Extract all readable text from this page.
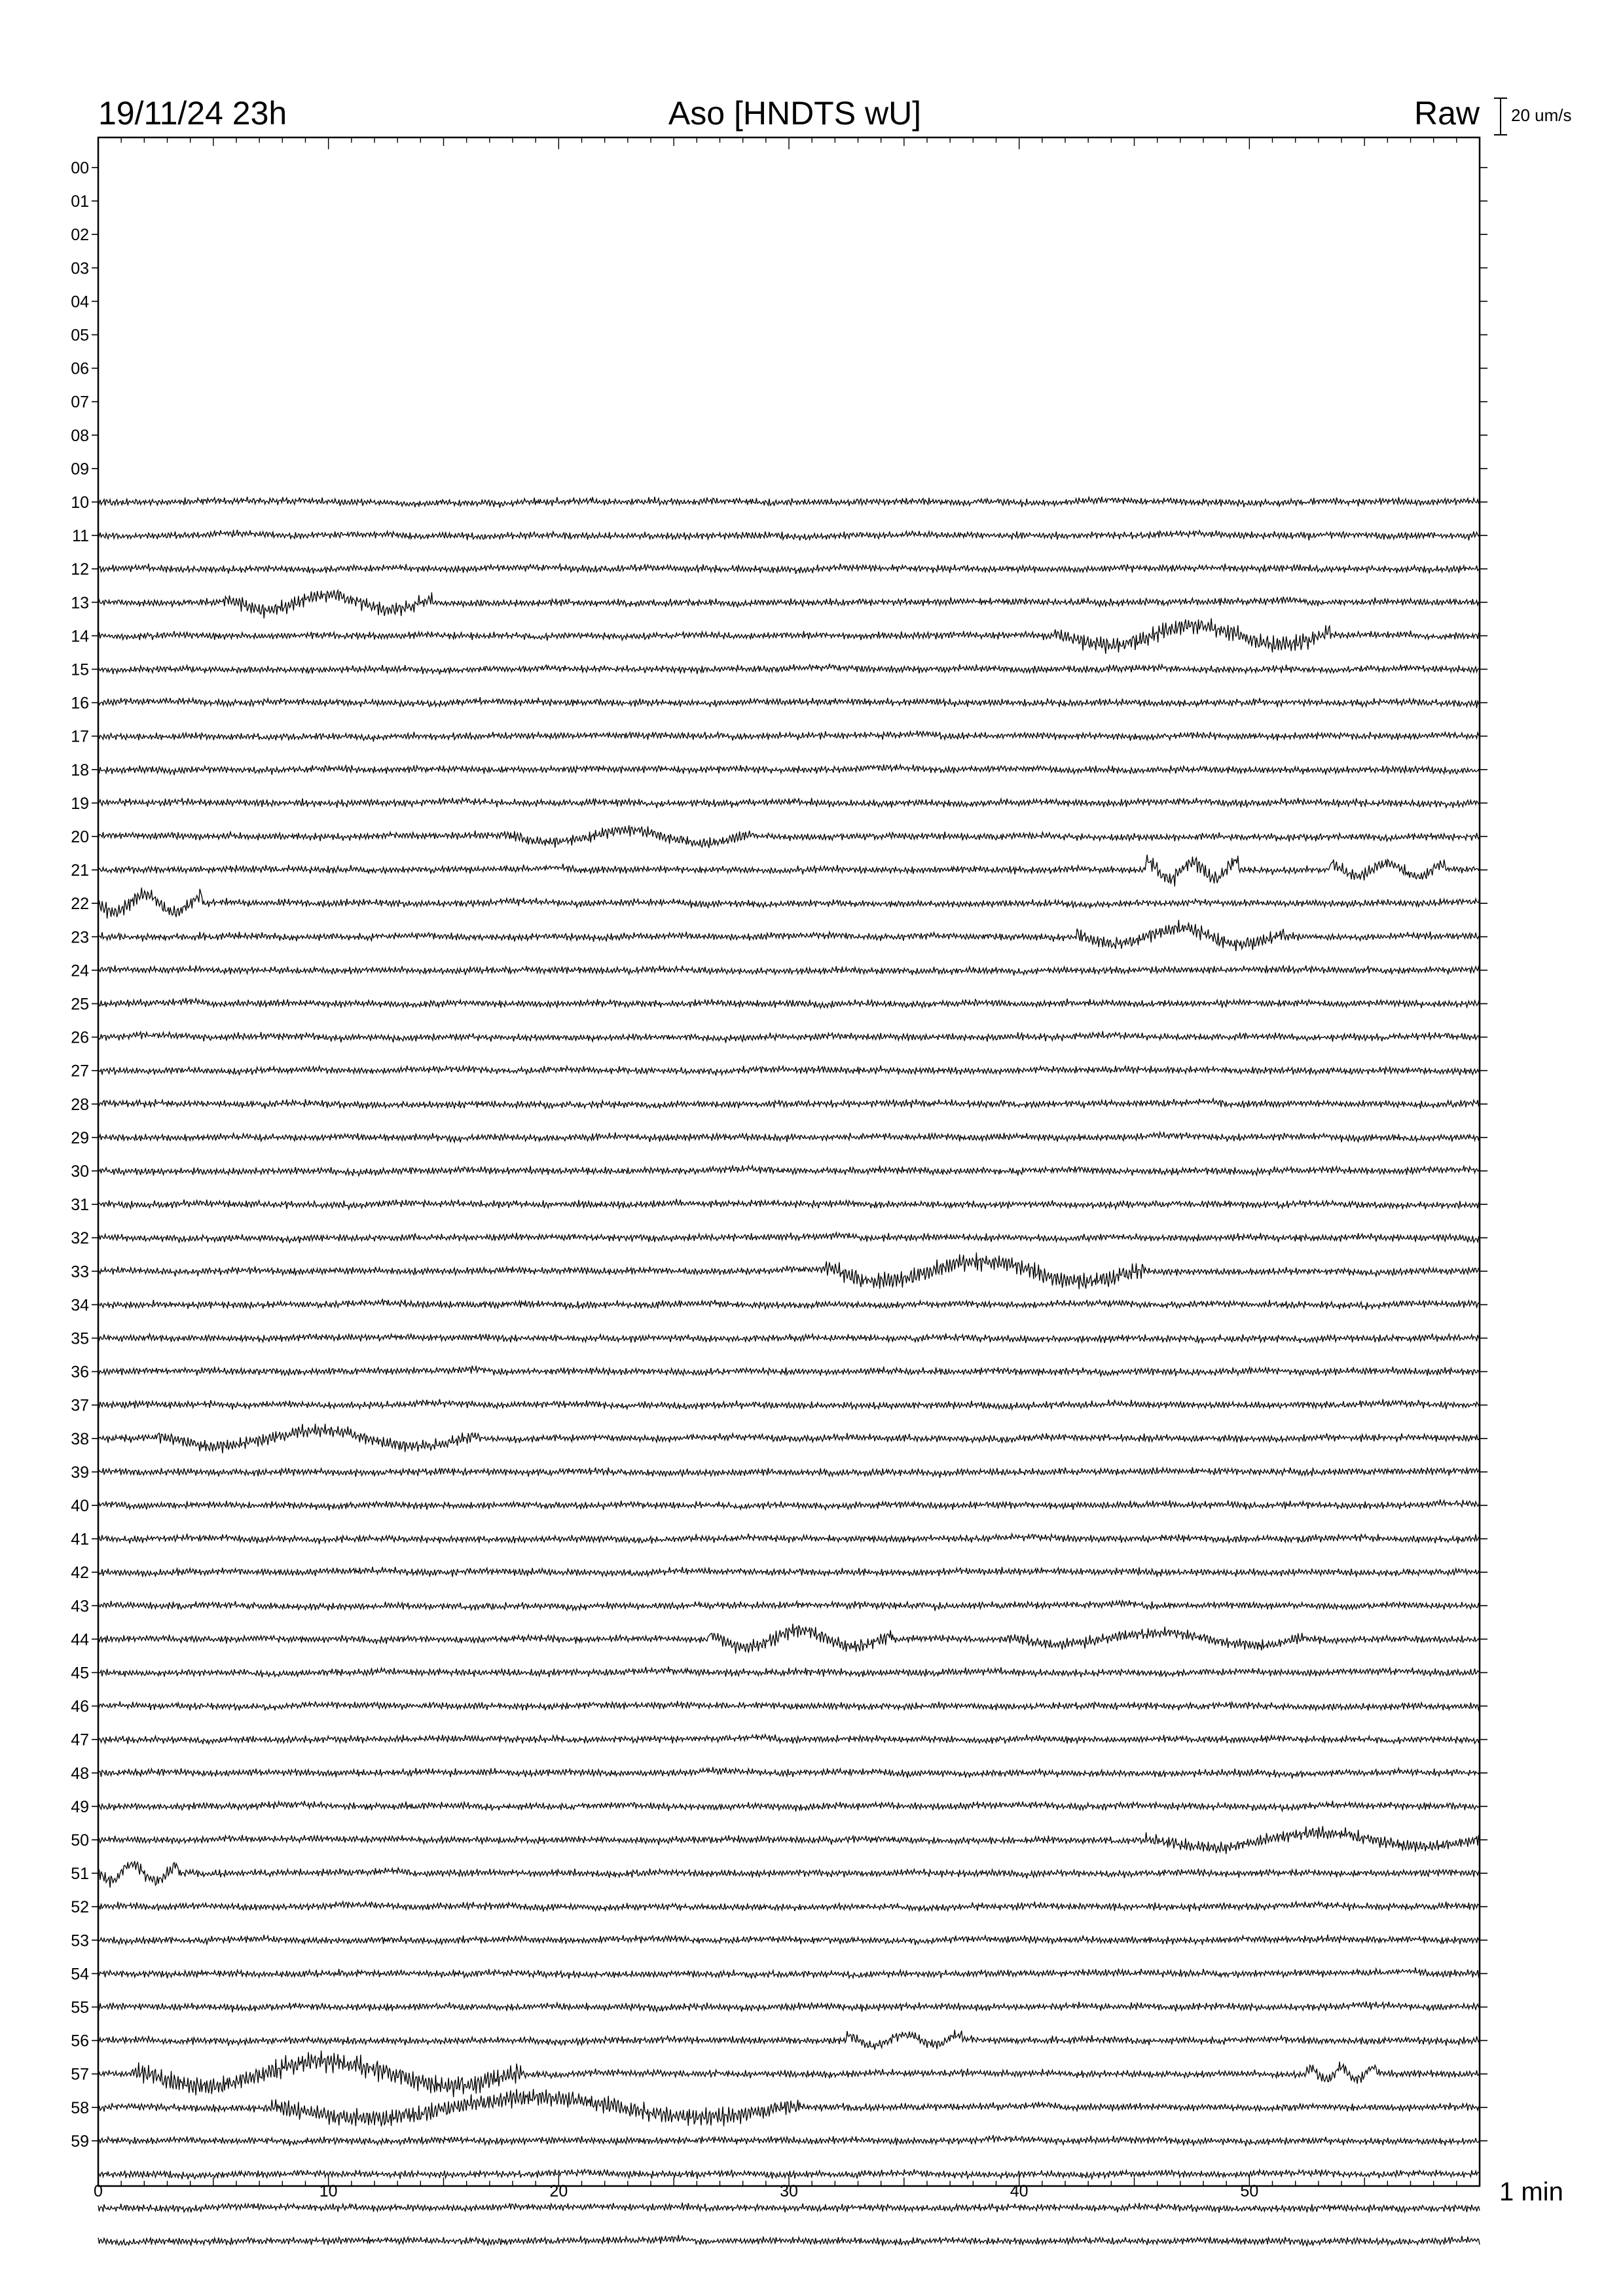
19/11/24 23h	Aso [HNDTS wU]	Raw 20 um/s
0	10	20	30	40	50
00
01
02
03
04
05
06
07
08
09
10
11
12
13
14
15
16
17
18
19
20
21
22
23
24
25
26
27
28
29
30
31
32
33
34
35
36
37
38
39
40
41
42
43
44
45
46
47
48
49
50
51
52
53
54
55
56
57
58
59
1 min
